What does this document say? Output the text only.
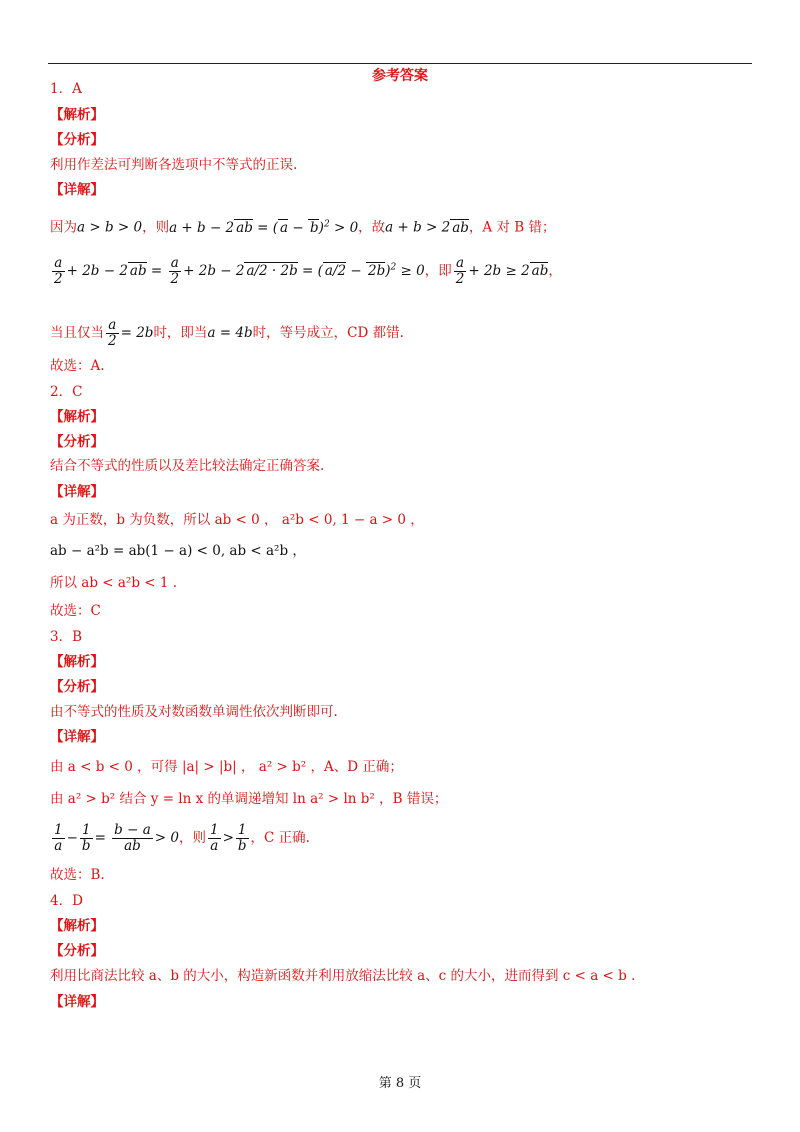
参考答案
1．A
【解析】
【分析】
利用作差法可判断各选项中不等式的正误.
【详解】
因为a > b > 0，则a + b − 2 ab = ( a − b)$^2$ > 0，故a + b > 2 ab，A 对 B 错；
$\frac{a}{2} + 2b - 2$ ab = $\frac{a}{2} + 2b - 2$ a/2 · 2b = ( a/2 − 2b)$^2$ ≥ 0，即 $\frac{a}{2} + 2b \ge 2$ ab，
当且仅当 $\frac{a}{2} = 2b$时，即当a = 4b时，等号成立，CD 都错.
故选：A.
2．C
【解析】
【分析】
结合不等式的性质以及差比较法确定正确答案.
【详解】
a 为正数，b 为负数，所以 ab < 0 ， a²b < 0, 1 − a > 0 ，
ab − a²b = ab(1 − a) < 0, ab < a²b ，
所以 ab < a²b < 1 .
故选：C
3．B
【解析】
【分析】
由不等式的性质及对数函数单调性依次判断即可.
【详解】
由 a < b < 0 ，可得 |a| > |b| ， a² > b² ，A、D 正确；
由 a² > b² 结合 y = ln x 的单调递增知 ln a² > ln b² ，B 错误；
$\frac{1}{a} - \frac{1}{b} = \frac{b - a}{ab} > 0$，则 $\frac{1}{a} > \frac{1}{b}$ ，C 正确.
故选：B.
4．D
【解析】
【分析】
利用比商法比较 a、b 的大小，构造新函数并利用放缩法比较 a、c 的大小，进而得到 c < a < b .
【详解】
第 8 页
